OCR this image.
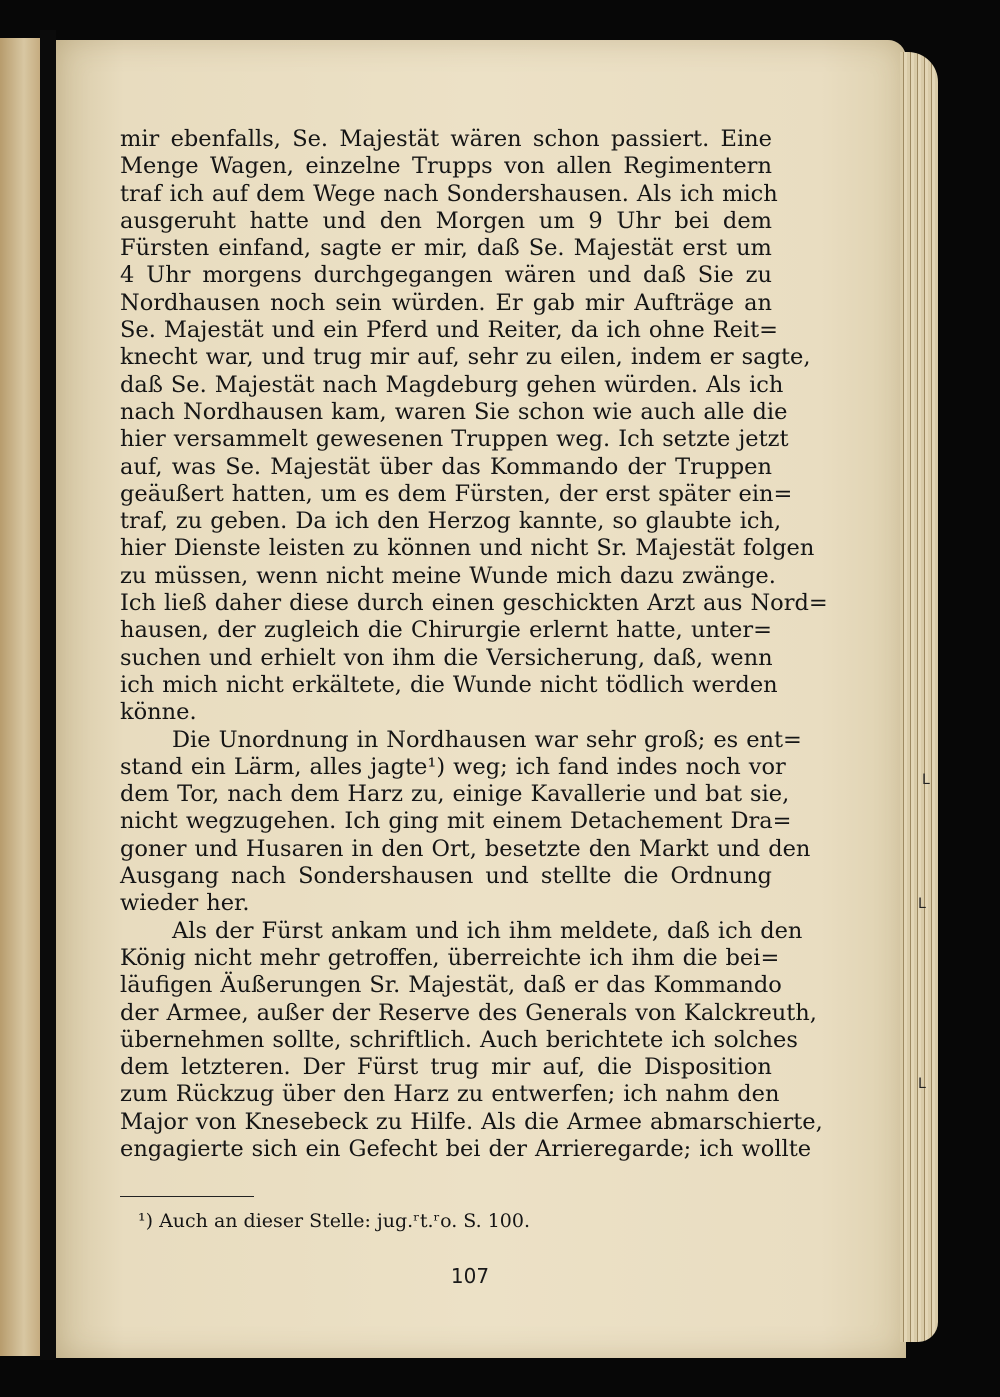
L
L
L
mir ebenfalls, Se. Majestät wären schon passiert. Eine
Menge Wagen, einzelne Trupps von allen Regimentern
traf ich auf dem Wege nach Sondershausen. Als ich mich
ausgeruht hatte und den Morgen um 9 Uhr bei dem
Fürsten einfand, sagte er mir, daß Se. Majestät erst um
4 Uhr morgens durchgegangen wären und daß Sie zu
Nordhausen noch sein würden. Er gab mir Aufträge an
Se. Majestät und ein Pferd und Reiter, da ich ohne Reit=
knecht war, und trug mir auf, sehr zu eilen, indem er sagte,
daß Se. Majestät nach Magdeburg gehen würden. Als ich
nach Nordhausen kam, waren Sie schon wie auch alle die
hier versammelt gewesenen Truppen weg. Ich setzte jetzt
auf, was Se. Majestät über das Kommando der Truppen
geäußert hatten, um es dem Fürsten, der erst später ein=
traf, zu geben. Da ich den Herzog kannte, so glaubte ich,
hier Dienste leisten zu können und nicht Sr. Majestät folgen
zu müssen, wenn nicht meine Wunde mich dazu zwänge.
Ich ließ daher diese durch einen geschickten Arzt aus Nord=
hausen, der zugleich die Chirurgie erlernt hatte, unter=
suchen und erhielt von ihm die Versicherung, daß, wenn
ich mich nicht erkältete, die Wunde nicht tödlich werden
könne.
Die Unordnung in Nordhausen war sehr groß; es ent=
stand ein Lärm, alles jagte¹) weg; ich fand indes noch vor
dem Tor, nach dem Harz zu, einige Kavallerie und bat sie,
nicht wegzugehen. Ich ging mit einem Detachement Dra=
goner und Husaren in den Ort, besetzte den Markt und den
Ausgang nach Sondershausen und stellte die Ordnung
wieder her.
Als der Fürst ankam und ich ihm meldete, daß ich den
König nicht mehr getroffen, überreichte ich ihm die bei=
läufigen Äußerungen Sr. Majestät, daß er das Kommando
der Armee, außer der Reserve des Generals von Kalckreuth,
übernehmen sollte, schriftlich. Auch berichtete ich solches
dem letzteren. Der Fürst trug mir auf, die Disposition
zum Rückzug über den Harz zu entwerfen; ich nahm den
Major von Knesebeck zu Hilfe. Als die Armee abmarschierte,
engagierte sich ein Gefecht bei der Arrieregarde; ich wollte
¹) Auch an dieser Stelle: jug.ʳt.ʳo. S. 100.
107
